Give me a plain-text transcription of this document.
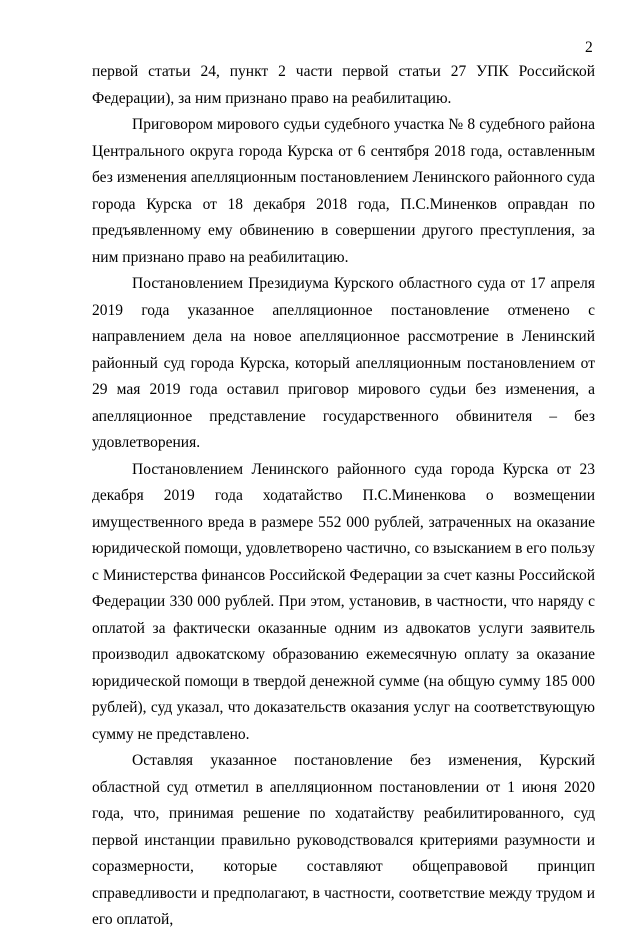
2

первой статьи 24, пункт 2 части первой статьи 27 УПК Российской Федерации), за ним признано право на реабилитацию.

Приговором мирового судьи судебного участка № 8 судебного района Центрального округа города Курска от 6 сентября 2018 года, оставленным без изменения апелляционным постановлением Ленинского районного суда города Курска от 18 декабря 2018 года, П.С.Миненков оправдан по предъявленному ему обвинению в совершении другого преступления, за ним признано право на реабилитацию.

Постановлением Президиума Курского областного суда от 17 апреля 2019 года указанное апелляционное постановление отменено с направлением дела на новое апелляционное рассмотрение в Ленинский районный суд города Курска, который апелляционным постановлением от 29 мая 2019 года оставил приговор мирового судьи без изменения, а апелляционное представление государственного обвинителя – без удовлетворения.

Постановлением Ленинского районного суда города Курска от 23 декабря 2019 года ходатайство П.С.Миненкова о возмещении имущественного вреда в размере 552 000 рублей, затраченных на оказание юридической помощи, удовлетворено частично, со взысканием в его пользу с Министерства финансов Российской Федерации за счет казны Российской Федерации 330 000 рублей. При этом, установив, в частности, что наряду с оплатой за фактически оказанные одним из адвокатов услуги заявитель производил адвокатскому образованию ежемесячную оплату за оказание юридической помощи в твердой денежной сумме (на общую сумму 185 000 рублей), суд указал, что доказательств оказания услуг на соответствующую сумму не представлено.

Оставляя указанное постановление без изменения, Курский областной суд отметил в апелляционном постановлении от 1 июня 2020 года, что, принимая решение по ходатайству реабилитированного, суд первой инстанции правильно руководствовался критериями разумности и соразмерности, которые составляют общеправовой принцип справедливости и предполагают, в частности, соответствие между трудом и его оплатой,
